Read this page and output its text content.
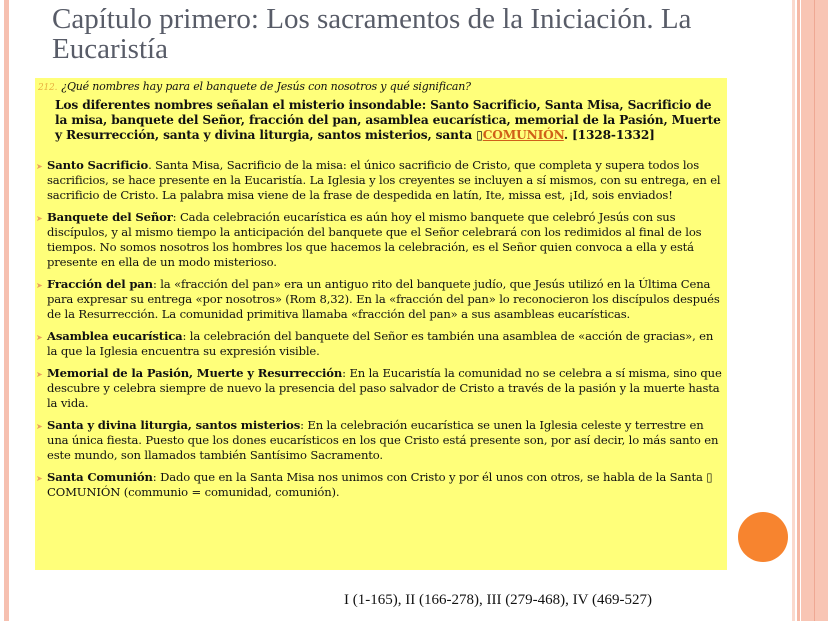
Capítulo primero: Los sacramentos de la Iniciación. La Eucaristía
212. ¿Qué nombres hay para el banquete de Jesús con nosotros y qué significan?
Los diferentes nombres señalan el misterio insondable: Santo Sacrificio, Santa Misa, Sacrificio de la misa, banquete del Señor, fracción del pan, asamblea eucarística, memorial de la Pasión, Muerte y Resurrección, santa y divina liturgia, santos misterios, santa ▯COMUNIÓN. [1328-1332]
➤ Santo Sacrificio. Santa Misa, Sacrificio de la misa: el único sacrificio de Cristo, que completa y supera todos los sacrificios, se hace presente en la Eucaristía. La Iglesia y los creyentes se incluyen a sí mismos, con su entrega, en el sacrificio de Cristo. La palabra misa viene de la frase de despedida en latín, Ite, missa est, ¡Id, sois enviados!
➤ Banquete del Señor: Cada celebración eucarística es aún hoy el mismo banquete que celebró Jesús con sus discípulos, y al mismo tiempo la anticipación del banquete que el Señor celebrará con los redimidos al final de los tiempos. No somos nosotros los hombres los que hacemos la celebración, es el Señor quien convoca a ella y está presente en ella de un modo misterioso.
➤ Fracción del pan: la «fracción del pan» era un antiguo rito del banquete judío, que Jesús utilizó en la Última Cena para expresar su entrega «por nosotros» (Rom 8,32). En la «fracción del pan» lo reconocieron los discípulos después de la Resurrección. La comunidad primitiva llamaba «fracción del pan» a sus asambleas eucarísticas.
➤ Asamblea eucarística: la celebración del banquete del Señor es también una asamblea de «acción de gracias», en la que la Iglesia encuentra su expresión visible.
➤ Memorial de la Pasión, Muerte y Resurrección: En la Eucaristía la comunidad no se celebra a sí misma, sino que descubre y celebra siempre de nuevo la presencia del paso salvador de Cristo a través de la pasión y la muerte hasta la vida.
➤ Santa y divina liturgia, santos misterios: En la celebración eucarística se unen la Iglesia celeste y terrestre en una única fiesta. Puesto que los dones eucarísticos en los que Cristo está presente son, por así decir, lo más santo en este mundo, son llamados también Santísimo Sacramento.
➤ Santa Comunión: Dado que en la Santa Misa nos unimos con Cristo y por él unos con otros, se habla de la Santa ▯ COMUNIÓN (communio = comunidad, comunión).
I (1-165), II (166-278), III (279-468), IV (469-527)
